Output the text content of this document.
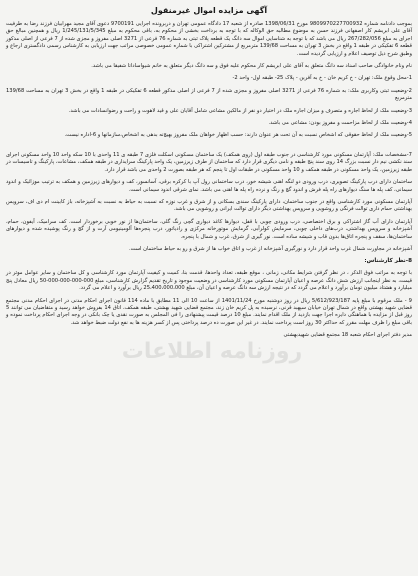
آگهی مزایده اموال غیرمنقول

بموجب دادنامه شماره 9809970227700932 مورخ 1398/06/31 صادره از شعبه 17 دادگاه عمومی تهران و دربرونده اجرایی 9700191 دعوی آقای مجید مهرابیان فرزند رضا به طرفیت آقای علی ابریشم کار اصفهانی فرزند حسن به موضوع مطالبه حق الوکاله که با توجه به برداخت بخشی از محکوم به، باقی محکوم به مبلغ 1/245/131/5/345 ریال و همچنین مبالغ حق اجرای به مبلغ 267/282/056 ریال می باشد که با توجه به شناسایی اموال سه دانگ یک قطعه پلاک ثبتی به شماره 76 فرعی از 3271 اصلی مفروز و مجزی شده از 7 فرعی از اصلی مذکور قطعه 6 تفکیکی در طبقه 1 واقع در بخش 3 تهران به مساحت 139/68 مترمربع از مشترکین اشتراکی با شماره عمومی خصوصی مراتب جهت ارزیابی به کارشناس رسمی دادگستری ارجاع و وطبق شرح ذیل توصیف اعلام و ارزیابی گردیده است.

نام ونام خانوادگی صاحب اسناد سه دانگ متعلق به آقای علی ابریشم کار محکوم علیه فوق و سه دانگ دیگر متعلق به خانم شیواساداتا شفیقا می باشد.

1-محل وقوع ملک: تهران - خ کریم خان - خ به آفرین - پلاک 25- طبقه اول- واحد 2-

2-وضعیت ثبتی وکاربری ملک: به شماره 76 فرعی از 3271 اصلی مفروز و مجزی شده از 7 فرعی از اصلی مذکور قطعه 6 تفکیکی در طبقه 1 واقع در بخش 3 تهران به مساحت 139/68 مترمربع

3-وضعیت ملک از لحاظ اجاره و متصرف و میزان اجاره ملک در اختیار دو نفر از مالکین مشاعی شامل آقایان علی و قید لاهوت و راحت و رضوانسادات می باشد.

4-وضعیت ملک از لحاظ مزاحمت و مفروز بودن: مشاعی می باشد.

5-وضعیت ملک از لحاظ حقوقی که اشخاص نسبت به آن تحت هر عنوان دارند: حسب اظهار خواهان ملک مفروز بهیچ‌نه بدهی به اشخاص،سازمانها و 6-اداره نیست.

7-مشخصات ملک: آپارتمان مسکونی مورد کارشناسی در جنوب طبقه اول (روی همکف) یک ساختمان مسکونی اسکلت فلزی 7 طبقه ی 11 واحدی با 10 سکه واحد 10 واحد مسکونی اجرای سند نکشی نیم دار نسبت بزرگ 14 روی سند پنج طبقه و نامی دیگری قرار دارد که ساختمان از طرف زیرزمین، یک واحد پارکینگ سرایداری در طبقه همکف، مشاعات، پارکینگ و تاسیسات در طبقه زیرزمین، یک واحد مسکونی در طبقه همکف و 10 واحد مسکونی در طبقات اول تا پنجم که هر طبقه بصورت 2 واحدی می باشد قرار دارد.

ساختمان دارای درب پارکینگ تصویری، درب ورودی دو لنگه اهنی شیشه خور، درب ساختمانی رول آپ با کرکره برقی، آسانسور، کف و دیوارهای زیرزمین و همکف به ترتیب موزائیک و اندود سیمانی، کف پله ها سنگ دیوارهای راه پله فرش و اندود گچ و رنگ و نرده راه پله ها اهنی می باشد. نمای شرقی اندود سیمانی است.

آپارتمان مسکونی مورد کارشناسی واقع در جنوب ساختمان، دارای پارکینگ سندی بسکانی و از شرق و غرب نوزه که نسبت به حیاط به نسبت به آشپزخانه، باز کابینت ام دی اف، سرویس بهداشتی حمام داری توالت فرنگی و روشویی و سرویس بهداشتی دیگر دارای توالت ایرانی و روشویی می باشد.

آپارتمان دارای آب گاز اشتراکی و برق اختصاصی، درب ورودی چوبی با قفل، دیوارها کاغذ دیواری گچی رنگ گلی، ساختمان‌ها از نور خوبی برخوردار است. کف سرامیک، آیفون، حمام، آشپزخانه و سرویس بهداشتی، درب‌های داخلی چوبی، سرمایش کولرآبی، گرمایش موتورخانه مرکزی و رادیاتور، درب پنجره‌ها آلومینیومی آرت و از گچ و رنگ پوشیده ‌شده و دیوارهای ساختمان‌ها، سقف و پنجره اتاق‌ها بدون قاب و شیشه ساده است. نور گیری از شرق، غرب و شمال با پنجره.

آشپزخانه در مجاورت شمال غرب واحد قرار دارد و نورگیری آشپزخانه از غرب و اتاق خواب ها از شرق و رو به حیاط ساختمان است.

8-نظر کارشناس:

با توجه به مراتب فوق الذکر ، در نظر گرفتن شرایط مکانی، زمانی ، موقع طبقه، تعداد واحدها، قدمت بنا، کمیت و کیفیت آپارتمان مورد کارشناسی و کل ساختمان و سایر عوامل موثر در قیمت، به نظر اینجانب ارزش شش دانگ عرصه و اعیان آپارتمان مسکونی مورد کارشناسی در وضعیت موجود و تاریخ تقدیم گزارش کارشناسی، مبلغ 000-000-000-000-50 ریال معادل پنج میلیارد و هشتاد میلیون تومان برآورد و اعلام می گردد که در نتیجه ارزش سه دانگ عرصه و اعیان آن، مبلغ 25،400،000،000 ریال برآورد و اعلام می گردد.

9 - ملک مرقوم با مبلغ پایه 5/612/923/187 ریال در روز دوشنبه مورخ 1401/11/24 از ساعت 10 الی 11 مطابق با ماده 114 قانون اجرای احکام مدنی در اجرای احکام مدنی مجتمع قضایی شهید بهشتی واقع در شمال ‌تهران خیابان سپهبد قرنی، نرسیده به پل کریم خان زند، مجتمع قضایی شهید بهشتی، طبقه همکف، اتاق 14 بفروش خواهد رسید و متقاضیان می توانند 5 روز قبل از مزایده با هماهنگی دایره اجرا جهت بازدید از ملک اقدام نمایند. مبلغ 10 درصد قیمت پیشنهادی را فی المجلس به صورت نقدی یا چک بانکی در وجه اجرای احکام پرداخت نموده و باقی مبلغ را ظرف مهلت مقرر که حداکثر 30 روز است پرداخت نمایند. در غیر این صورت ده درصد پرداختی پس از کسر هزینه ها به نفع دولت ضبط خواهد شد.

مدیر دفتر اجرای احکام شعبه 18 مجتمع قضایی شهیدبهشتی

روزنامه اطلاعات
